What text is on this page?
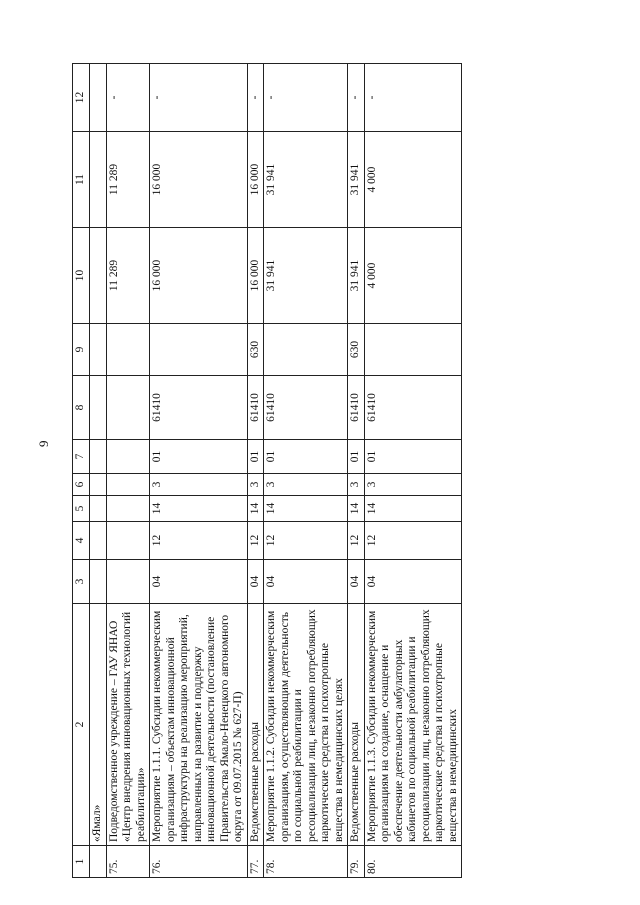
9
1	2	3	4	5	6	7	8	9	10	11	12
	«Ямал»										
75.	Подведомственное учреждение – ГАУ ЯНАО «Центр внедрения инновационных технологий реабилитации»								11 289	11 289	-
76.	Мероприятие 1.1.1. Субсидии некоммерческим организациям – объектам инновационной инфраструктуры на реализацию мероприятий, направленных на развитие и поддержку инновационной деятельности (постановление Правительства Ямало-Ненецкого автономного округа от 09.07.2015 № 627-П)	04	12	14	3	01	61410		16 000	16 000	-
77.	Ведомственные расходы	04	12	14	3	01	61410	630	16 000	16 000	-
78.	Мероприятие 1.1.2. Субсидии некоммерческим организациям, осуществляющим деятельность по социальной реабилитации и ресоциализации лиц, незаконно потребляющих наркотические средства и психотропные вещества в немедицинских целях	04	12	14	3	01	61410		31 941	31 941	-
79.	Ведомственные расходы	04	12	14	3	01	61410	630	31 941	31 941	-
80.	Мероприятие 1.1.3. Субсидии некоммерческим организациям на создание, оснащение и обеспечение деятельности амбулаторных кабинетов по социальной реабилитации и ресоциализации лиц, незаконно потребляющих наркотические средства и психотропные вещества в немедицинских	04	12	14	3	01	61410		4 000	4 000	-
